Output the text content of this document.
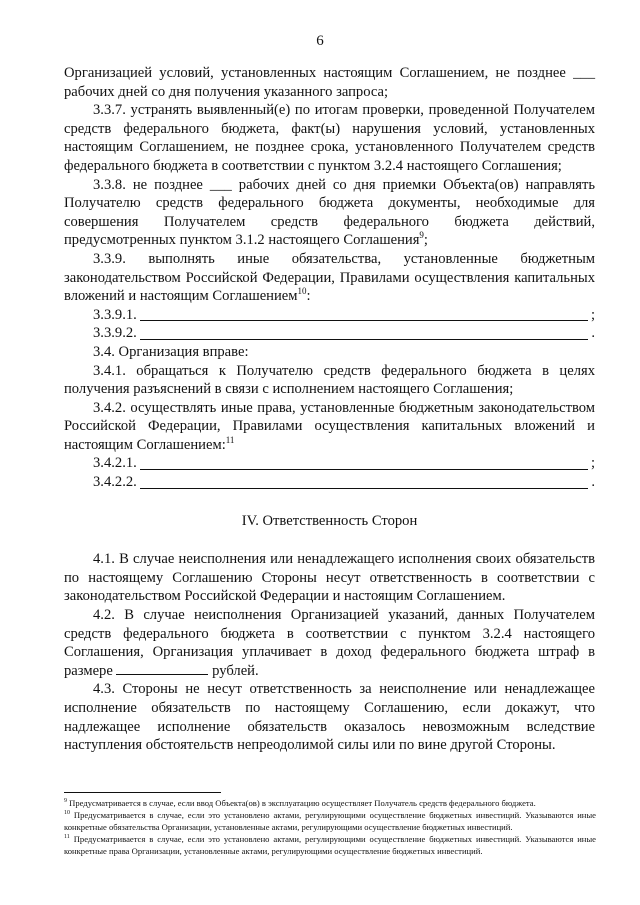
6

Организацией условий, установленных настоящим Соглашением, не позднее ___ рабочих дней со дня получения указанного запроса;

3.3.7. устранять выявленный(е) по итогам проверки, проведенной Получателем средств федерального бюджета, факт(ы) нарушения условий, установленных настоящим Соглашением, не позднее срока, установленного Получателем средств федерального бюджета в соответствии с пунктом 3.2.4 настоящего Соглашения;

3.3.8. не позднее ___ рабочих дней со дня приемки Объекта(ов) направлять Получателю средств федерального бюджета документы, необходимые для совершения Получателем средств федерального бюджета действий, предусмотренных пунктом 3.1.2 настоящего Соглашения$^9$;

3.3.9. выполнять иные обязательства, установленные бюджетным законодательством Российской Федерации, Правилами осуществления капитальных вложений и настоящим Соглашением$^{10}$:

3.3.9.1.	;
3.3.9.2.	.

3.4. Организация вправе:

3.4.1. обращаться к Получателю средств федерального бюджета в целях получения разъяснений в связи с исполнением настоящего Соглашения;

3.4.2. осуществлять иные права, установленные бюджетным законодательством Российской Федерации, Правилами осуществления капитальных вложений и настоящим Соглашением:$^{11}$

3.4.2.1.	;
3.4.2.2.	.
IV. Ответственность Сторон

4.1. В случае неисполнения или ненадлежащего исполнения своих обязательств по настоящему Соглашению Стороны несут ответственность в соответствии с законодательством Российской Федерации и настоящим Соглашением.

4.2. В случае неисполнения Организацией указаний, данных Получателем средств федерального бюджета в соответствии с пунктом 3.2.4 настоящего Соглашения, Организация уплачивает в доход федерального бюджета штраф в размере	рублей.

4.3. Стороны не несут ответственность за неисполнение или ненадлежащее исполнение обязательств по настоящему Соглашению, если докажут, что надлежащее исполнение обязательств оказалось невозможным вследствие наступления обстоятельств непреодолимой силы или по вине другой Стороны.

$^9$ Предусматривается в случае, если ввод Объекта(ов) в эксплуатацию осуществляет Получатель средств федерального бюджета.

$^{10}$ Предусматривается в случае, если это установлено актами, регулирующими осуществление бюджетных инвестиций. Указываются иные конкретные обязательства Организации, установленные актами, регулирующими осуществление бюджетных инвестиций.

$^{11}$ Предусматривается в случае, если это установлено актами, регулирующими осуществление бюджетных инвестиций. Указываются иные конкретные права Организации, установленные актами, регулирующими осуществление бюджетных инвестиций.
